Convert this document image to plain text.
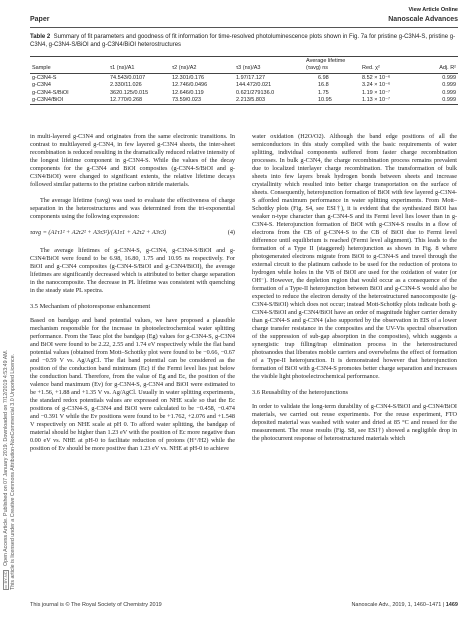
cc BY-NCOpen Access Article. Published on 07 January 2019. Downloaded on 7/12/2019 4:53:49 AM.
This article is licensed under a Creative Commons Attribution-NonCommercial 3.0 Unported Licence.
View Article Online
Paper	Nanoscale Advances
Table 2 Summary of fit parameters and goodness of fit information for time-resolved photoluminescence plots shown in Fig. 7a for pristine g-C3N4-S, pristine g-C3N4, g-C3N4-S/BiOI and g-C3N4/BiOI heterostructures
Sample	τ1 (ns)/A1	τ2 (ns)/A2	τ3 (ns)/A3	Average lifetime (τavg) ns	Red. χ²	Adj. R²
g-C3N4-S	74.543/0.0107	12.301/0.176	1.97/17.127	6.98	8.52 × 10⁻⁶	0.999
g-C3N4	2.330/11.026	12.746/0.0496	144.472/0.021	16.8	3.24 × 10⁻⁶	0.999
g-C3N4-S/BiOI	3620.125/0.015	12.646/0.119	0.621/279136.0	1.75	1.19 × 10⁻⁷	0.999
g-C3N4/BiOI	12.770/0.268	73.59/0.023	2.213/5.803	10.95	1.13 × 10⁻⁷	0.999

in multi-layered g-C3N4 and originates from the same electronic transitions. In contrast to multilayered g-C3N4, in few layered g-C3N4 sheets, the inter-sheet recombination is reduced resulting in the dramatically reduced relative intensity of the longest lifetime component in g-C3N4-S. While the values of the decay components for the g-C3N4 and BiOI composites (g-C3N4-S/BiOI and g-C3N4/BiOI) were changed to significant extents, the relative lifetime decays followed similar patterns to the pristine carbon nitride materials.

The average lifetime (τavg) was used to evaluate the effectiveness of charge separation in the heterostructures and was determined from the tri-exponential components using the following expression:

τavg = (A1τ1² + A2τ2² + A3τ3²)/(A1τ1 + A2τ2 + A3τ3)	(4)

The average lifetimes of g-C3N4-S, g-C3N4, g-C3N4-S/BiOI and g-C3N4/BiOI were found to be 6.98, 16.80, 1.75 and 10.95 ns respectively. For BiOI and g-C3N4 composites (g-C3N4-S/BiOI and g-C3N4/BiOI), the average lifetimes are significantly decreased which is attributed to better charge separation in the nanocomposite. The decrease in PL lifetime was consistent with quenching in the steady state PL spectra.

3.5 Mechanism of photoresponse enhancement

Based on bandgap and band potential values, we have proposed a plausible mechanism responsible for the increase in photoelectrochemical water splitting performance. From the Tauc plot the bandgap (Eg) values for g-C3N4-S, g-C3N4 and BiOI were found to be 2.22, 2.55 and 1.74 eV respectively while the flat band potential values (obtained from Mott–Schottky plot were found to be −0.66, −0.67 and −0.59 V vs. Ag/AgCl. The flat band potential can be considered as the position of the conduction band minimum (Ec) if the Fermi level lies just below the conduction band. Therefore, from the value of Eg and Ec, the position of the valence band maximum (Ev) for g-C3N4-S, g-C3N4 and BiOI were estimated to be +1.56, +1.88 and +1.35 V vs. Ag/AgCl. Usually in water splitting experiments, the standard redox potentials values are expressed on NHE scale so that the Ec positions of g-C3N4-S, g-C3N4 and BiOI were calculated to be −0.458, −0.474 and −0.391 V while the Ev positions were found to be +1.762, +2.076 and +1.548 V respectively on NHE scale at pH 0. To afford water splitting, the bandgap of material should be higher than 1.23 eV with the position of Ec more negative than 0.00 eV vs. NHE at pH-0 to facilitate reduction of protons (H⁺/H2) while the position of Ev should be more positive than 1.23 eV vs. NHE at pH-0 to achieve

water oxidation (H2O/O2). Although the band edge positions of all the semiconductors in this study complied with the basic requirements of water splitting, individual components suffered from faster charge recombination processes. In bulk g-C3N4, the charge recombination process remains prevalent due to localized interlayer charge recombination. The transformation of bulk sheets into few layers break hydrogen bonds between sheets and increase crystallinity which resulted into better charge transportation on the surface of sheets. Consequently, heterojunction formation of BiOI with few layered g-C3N4-S afforded maximum performance in water splitting experiments. From Mott–Schottky plots (Fig. S4, see ESI†), it is evident that the synthesized BiOI has weaker n-type character than g-C3N4-S and its Fermi level lies lower than in g-C3N4-S. Heterojunction formation of BiOI with g-C3N4-S results in a flow of electrons from the CB of g-C3N4-S to the CB of BiOI due to Fermi level difference until equilibrium is reached (Fermi level alignment). This leads to the formation of a Type II (staggered) heterojunction as shown in Fig. 8 where photogenerated electrons migrate from BiOI to g-C3N4-S and travel through the external circuit to the platinum cathode to be used for the reduction of protons to hydrogen while holes in the VB of BiOI are used for the oxidation of water (or OH⁻). However, the depletion region that would occur as a consequence of the formation of a Type-II heterojunction between BiOI and g-C3N4-S would also be expected to reduce the electron density of the heterostructured nanocomposite (g-C3N4-S/BiOI) which does not occur; instead Mott-Schottky plots indicate both g-C3N4-S/BiOI and g-C3N4/BiOI have an order of magnitude higher carrier density than g-C3N4-S and g-C3N4 (also supported by the observation in EIS of a lower charge transfer resistance in the composites and the UV-Vis spectral observation of the suppression of sub-gap absorption in the composites), which suggests a synergistic trap filling/trap elimination process in the heterostructured photoanodes that liberates mobile carriers and overwhelms the effect of formation of a Type-II heterojunction. It is demonstrated however that heterojunction formation of BiOI with g-C3N4-S promotes better charge separation and increases the visible light photoelectrochemical performance.

3.6 Reusability of the heterojunctions

In order to validate the long-term durability of g-C3N4-S/BiOI and g-C3N4/BiOI materials, we carried out reuse experiments. For the reuse experiment, FTO deposited material was washed with water and dried at 85 °C and reused for the measurement. The reuse results (Fig. S8, see ESI†) showed a negligible drop in the photocurrent response of heterostructured materials which

This journal is © The Royal Society of Chemistry 2019	Nanoscale Adv., 2019, 1, 1460–1471 | 1469
